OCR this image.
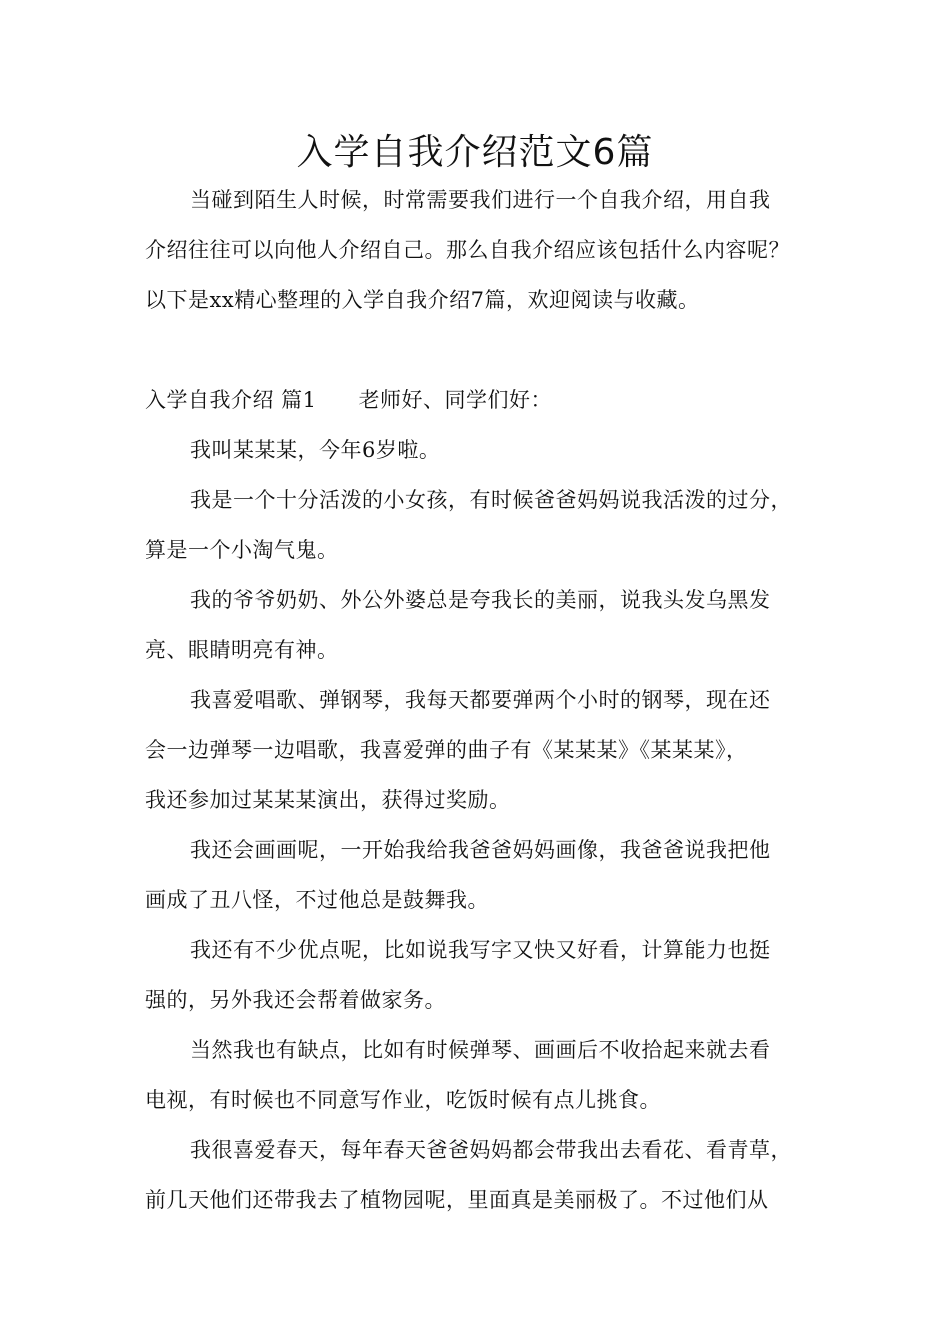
入学自我介绍范文6篇
当碰到陌生人时候，时常需要我们进行一个自我介绍，用自我
介绍往往可以向他人介绍自己。那么自我介绍应该包括什么内容呢？
以下是xx精心整理的入学自我介绍7篇，欢迎阅读与收藏。
入学自我介绍 篇1 老师好、同学们好：
我叫某某某，今年6岁啦。
我是一个十分活泼的小女孩，有时候爸爸妈妈说我活泼的过分，
算是一个小淘气鬼。
我的爷爷奶奶、外公外婆总是夸我长的美丽，说我头发乌黑发
亮、眼睛明亮有神。
我喜爱唱歌、弹钢琴，我每天都要弹两个小时的钢琴，现在还
会一边弹琴一边唱歌，我喜爱弹的曲子有《某某某》《某某某》，
我还参加过某某某演出，获得过奖励。
我还会画画呢，一开始我给我爸爸妈妈画像，我爸爸说我把他
画成了丑八怪，不过他总是鼓舞我。
我还有不少优点呢，比如说我写字又快又好看，计算能力也挺
强的，另外我还会帮着做家务。
当然我也有缺点，比如有时候弹琴、画画后不收拾起来就去看
电视，有时候也不同意写作业，吃饭时候有点儿挑食。
我很喜爱春天，每年春天爸爸妈妈都会带我出去看花、看青草，
前几天他们还带我去了植物园呢，里面真是美丽极了。不过他们从
